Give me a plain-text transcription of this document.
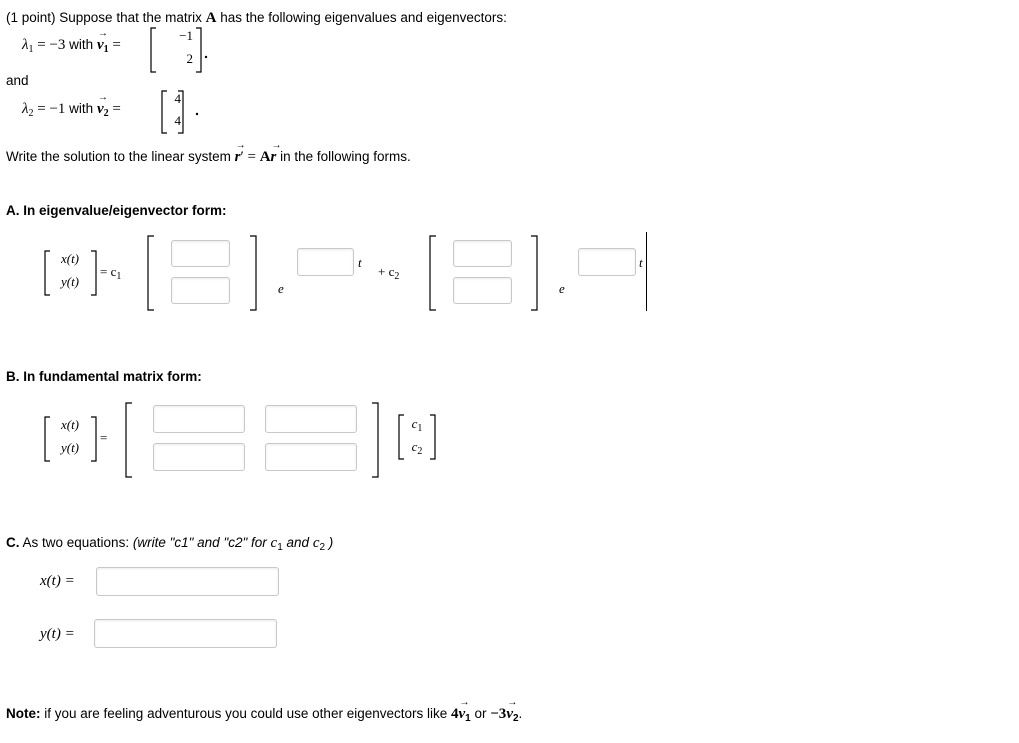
(1 point) Suppose that the matrix A has the following eigenvalues and eigenvectors:
$\lambda_1 = -3$ with → $v_1$ =
−1
2
and
$\lambda_2 = -1$ with → $v_2$ =
4
4
Write the solution to the linear system → r′ = A→ r in the following forms.
A. In eigenvalue/eigenvector form:
x(t)
y(t)
= $c_1$
e
t
+ $c_2$
e
t
B. In fundamental matrix form:
x(t)
y(t)
=
$c_1$
$c_2$
C. As two equations: (write "c1" and "c2" for $c_1$ and $c_2$ )
x(t) =
y(t) =
Note: if you are feeling adventurous you could use other eigenvectors like $4\to v_1$ or $-3\to v_2$.
